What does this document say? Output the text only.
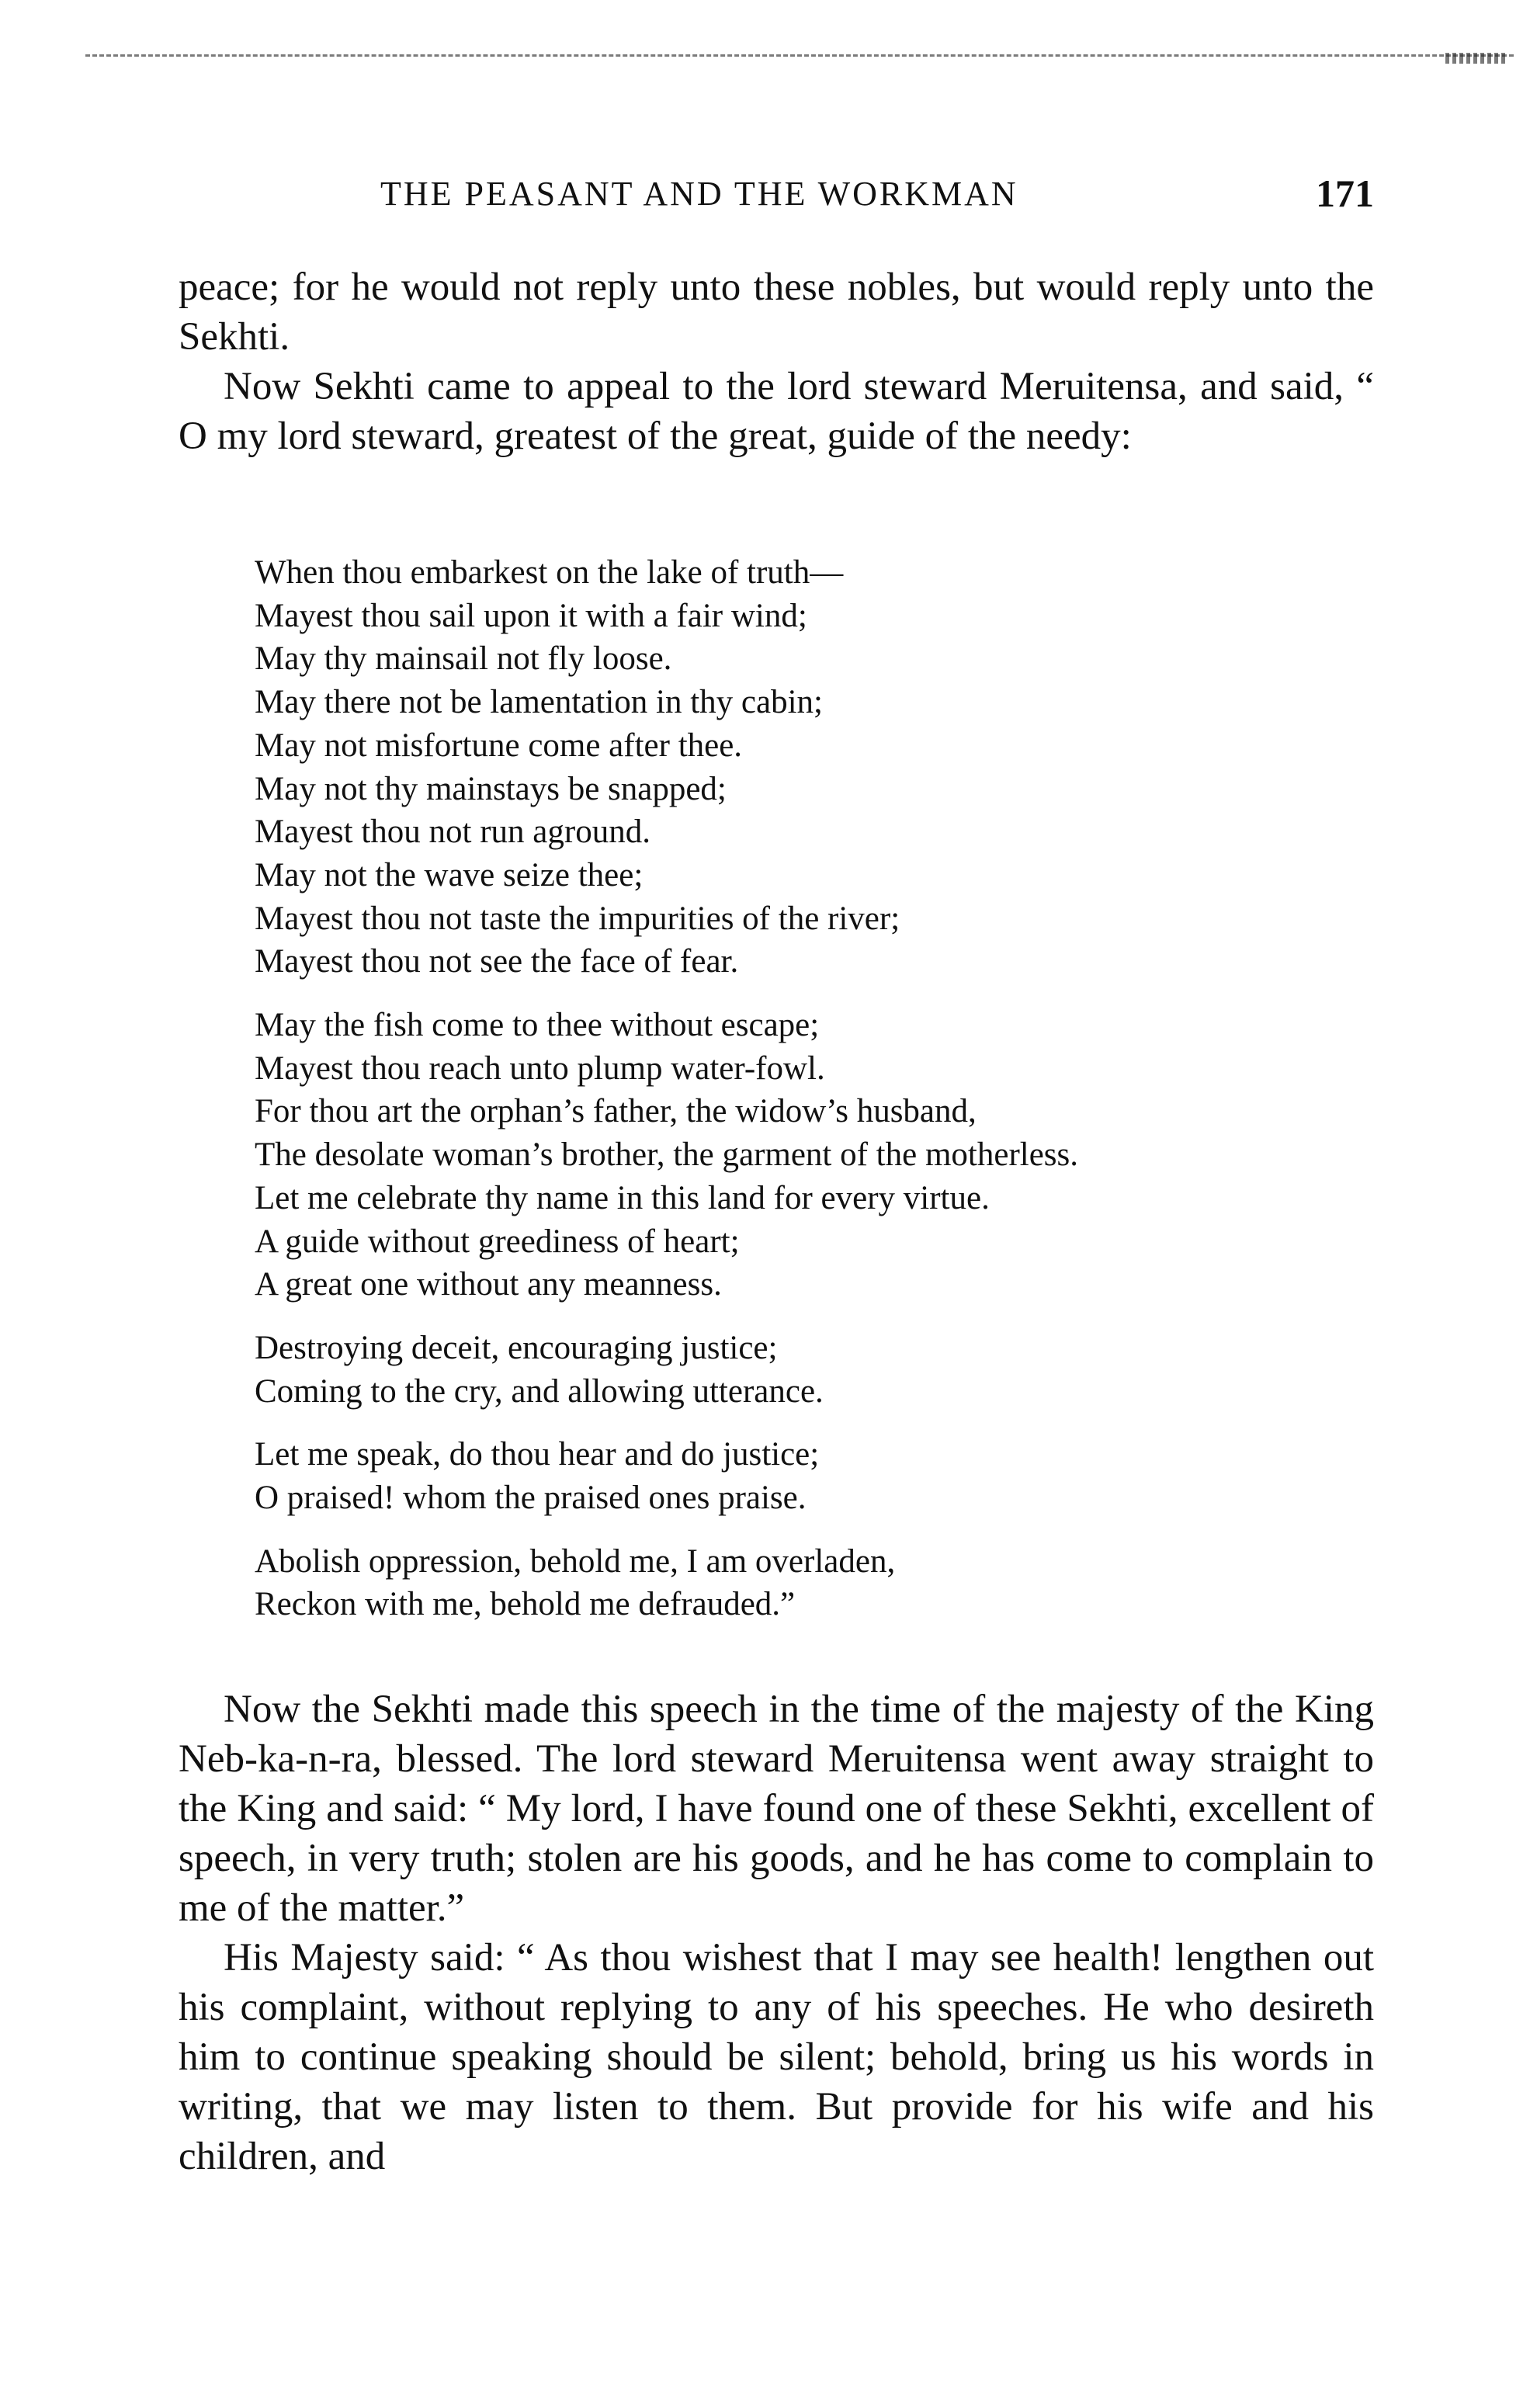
THE PEASANT AND THE WORKMAN	171

peace; for he would not reply unto these nobles, but would reply unto the Sekhti.

Now Sekhti came to appeal to the lord steward Meruitensa, and said, “ O my lord steward, greatest of the great, guide of the needy:

When thou embarkest on the lake of truth—
Mayest thou sail upon it with a fair wind;
May thy mainsail not fly loose.
May there not be lamentation in thy cabin;
May not misfortune come after thee.
May not thy mainstays be snapped;
Mayest thou not run aground.
May not the wave seize thee;
Mayest thou not taste the impurities of the river;
Mayest thou not see the face of fear.
May the fish come to thee without escape;
Mayest thou reach unto plump water-fowl.
For thou art the orphan’s father, the widow’s husband,
The desolate woman’s brother, the garment of the motherless.
Let me celebrate thy name in this land for every virtue.
A guide without greediness of heart;
A great one without any meanness.
Destroying deceit, encouraging justice;
Coming to the cry, and allowing utterance.
Let me speak, do thou hear and do justice;
O praised! whom the praised ones praise.
Abolish oppression, behold me, I am overladen,
Reckon with me, behold me defrauded.”

Now the Sekhti made this speech in the time of the majesty of the King Neb-ka-n-ra, blessed. The lord steward Meruitensa went away straight to the King and said: “ My lord, I have found one of these Sekhti, excellent of speech, in very truth; stolen are his goods, and he has come to complain to me of the matter.”

His Majesty said: “ As thou wishest that I may see health! lengthen out his complaint, without replying to any of his speeches. He who desireth him to continue speaking should be silent; behold, bring us his words in writing, that we may listen to them. But provide for his wife and his children, and
